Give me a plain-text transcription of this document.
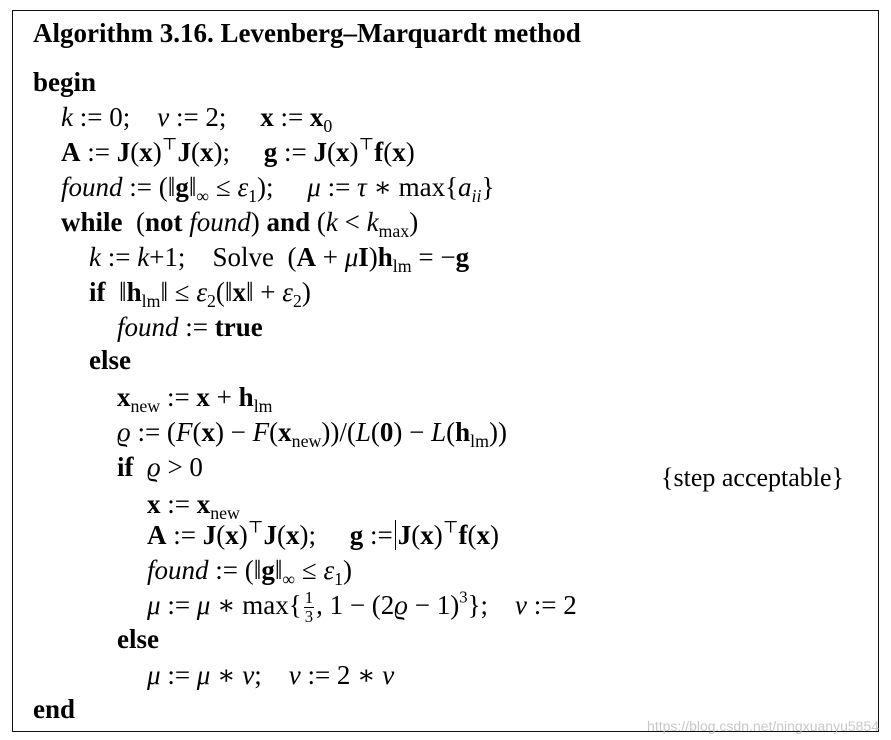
Algorithm 3.16. Levenberg–Marquardt method
begin
k := 0;    ν := 2;     x := $x_0$
A := J(x)⊤J(x);     g := J(x)⊤f(x)
found := $(‖g‖_\infty \le \varepsilon_1)$;     μ := τ ∗ $\max\{a_{ii}\}$
while  (not found) and $(k < k_{max})$
k := k+1;    Solve  $(A + \mu I)h_{lm} = -g$
if  $‖h_{lm}‖$ ≤ $\varepsilon_2(‖x‖ + \varepsilon_2)$
found := true
else
$x_{new}$ := $x + h_{lm}$
ϱ := $(F(x) - F(x_{new}))/(L(0) - L(h_{lm}))$
if ϱ > 0	{step acceptable}
x := $x_{new}$
A := J(x)⊤J(x);     g := J(x)⊤f(x)
found := $(‖g‖_\infty \le \varepsilon_1)$
μ := μ ∗ $\max\{ \frac{1}{3}$ , $1 - (2ϱ - 1)^3$};    ν := 2
else
μ := μ ∗ ν;    ν := 2 ∗ ν
end
https://blog.csdn.net/ningxuanyu5854
